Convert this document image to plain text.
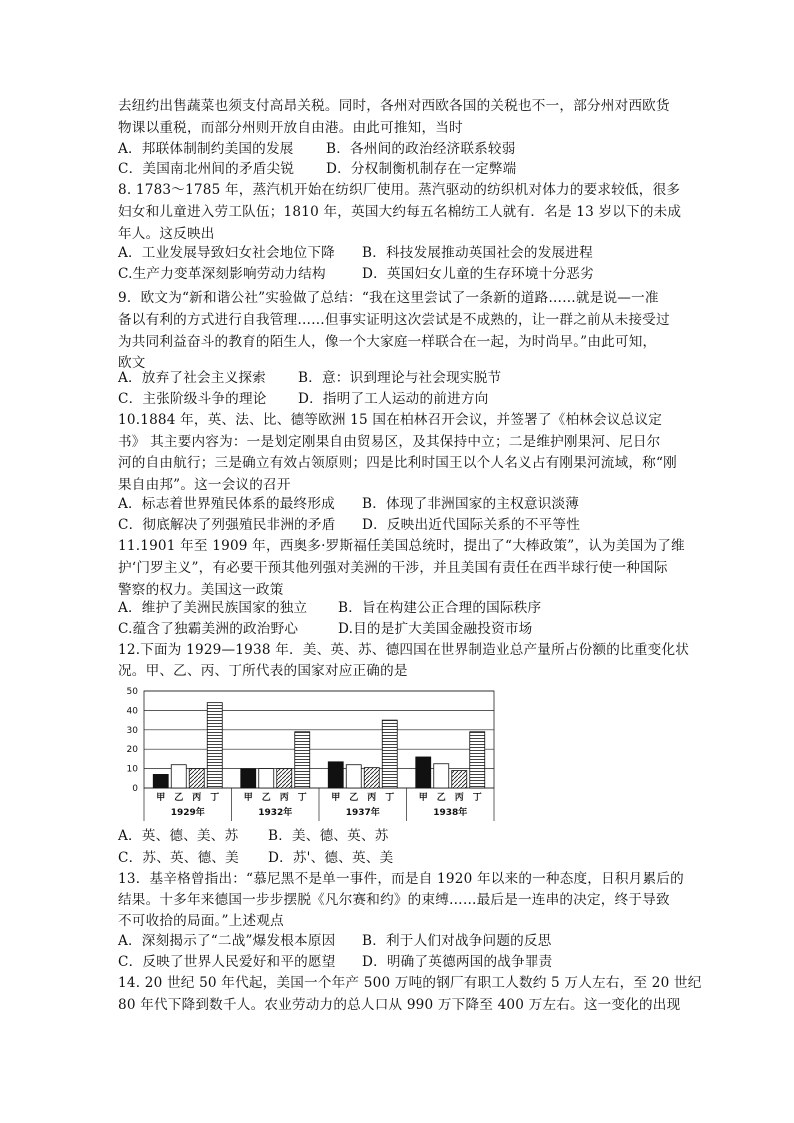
去纽约出售蔬菜也须支付高昂关税。同时，各州对西欧各国的关税也不一，部分州对西欧货
物课以重税，而部分州则开放自由港。由此可推知，当时
8. 1783～1785 年，蒸汽机开始在纺织厂使用。蒸汽驱动的纺织机对体力的要求较低，很多
妇女和儿童进入劳工队伍；1810 年，英国大约每五名棉纺工人就有．名是 13 岁以下的未成
年人。这反映出
9．欧文为“新和谐公社”实验做了总结：“我在这里尝试了一条新的道路……就是说—一准
备以有利的方式进行自我管理……但事实证明这次尝试是不成熟的，让一群之前从未接受过
为共同利益奋斗的教育的陌生人，像一个大家庭一样联合在一起，为时尚早。”由此可知，
欧文
10.1884 年，英、法、比、德等欧洲 15 国在柏林召开会议，并签署了《柏林会议总议定
书》 其主要内容为：一是划定刚果自由贸易区，及其保持中立；二是维护刚果河、尼日尔
河的自由航行；三是确立有效占领原则；四是比利时国王以个人名义占有刚果河流域，称“刚
果自由邦”。这一会议的召开
11.1901 年至 1909 年，西奥多·罗斯福任美国总统时，提出了“大棒政策”，认为美国为了维
护‘门罗主义”，有必要干预其他列强对美洲的干涉，并且美国有责任在西半球行使一种国际
警察的权力。美国这一政策
12.下面为 1929—1938 年．美、英、苏、德四国在世界制造业总产量所占份额的比重变化状
况。甲、乙、丙、丁所代表的国家对应正确的是
A．邦联体制制约美国的发展 B．各州间的政治经济联系较弱
C．美国南北州间的矛盾尖锐 D．分权制衡机制存在一定弊端
A．工业发展导致妇女社会地位下降 B．科技发展推动英国社会的发展进程
C.生产力变革深刻影响劳动力结构	D．英国妇女儿童的生存环境十分恶劣
A．放弃了社会主义探索 B．意：识到理论与社会现实脱节
C．主张阶级斗争的理论 D．指明了工人运动的前进方向
A．标志着世界殖民体系的最终形成 B．体现了非洲国家的主权意识淡薄
C．彻底解决了列强殖民非洲的矛盾 D．反映出近代国际关系的不平等性
A．维护了美洲民族国家的独立 B．旨在构建公正合理的国际秩序
C.蕴含了独霸美洲的政治野心	D.目的是扩大美国金融投资市场
A．英、德、美、苏 B．美、德、英、苏
C．苏、英、德、美 D．苏'、德、英、美
A．深刻揭示了“二战”爆发根本原因 B．利于人们对战争问题的反思
C．反映了世界人民爱好和平的愿望 D．明确了英德两国的战争罪责
13．基辛格曾指出：“慕尼黑不是单一事件，而是自 1920 年以来的一种态度，日积月累后的
结果。十多年来德国一步步摆脱《凡尔赛和约》的束缚……最后是一连串的决定，终于导致
不可收拾的局面。”上述观点
14. 20 世纪 50 年代起，美国一个年产 500 万吨的钢厂有职工人数约 5 万人左右，至 20 世纪
80 年代下降到数千人。农业劳动力的总人口从 990 万下降至 400 万左右。这一变化的出现
0
10
20
30
40
50
甲 乙 丙 丁
1929年
甲 乙 丙 丁
1932年
甲 乙 丙 丁
1937年
甲 乙 丙 丁
1938年
